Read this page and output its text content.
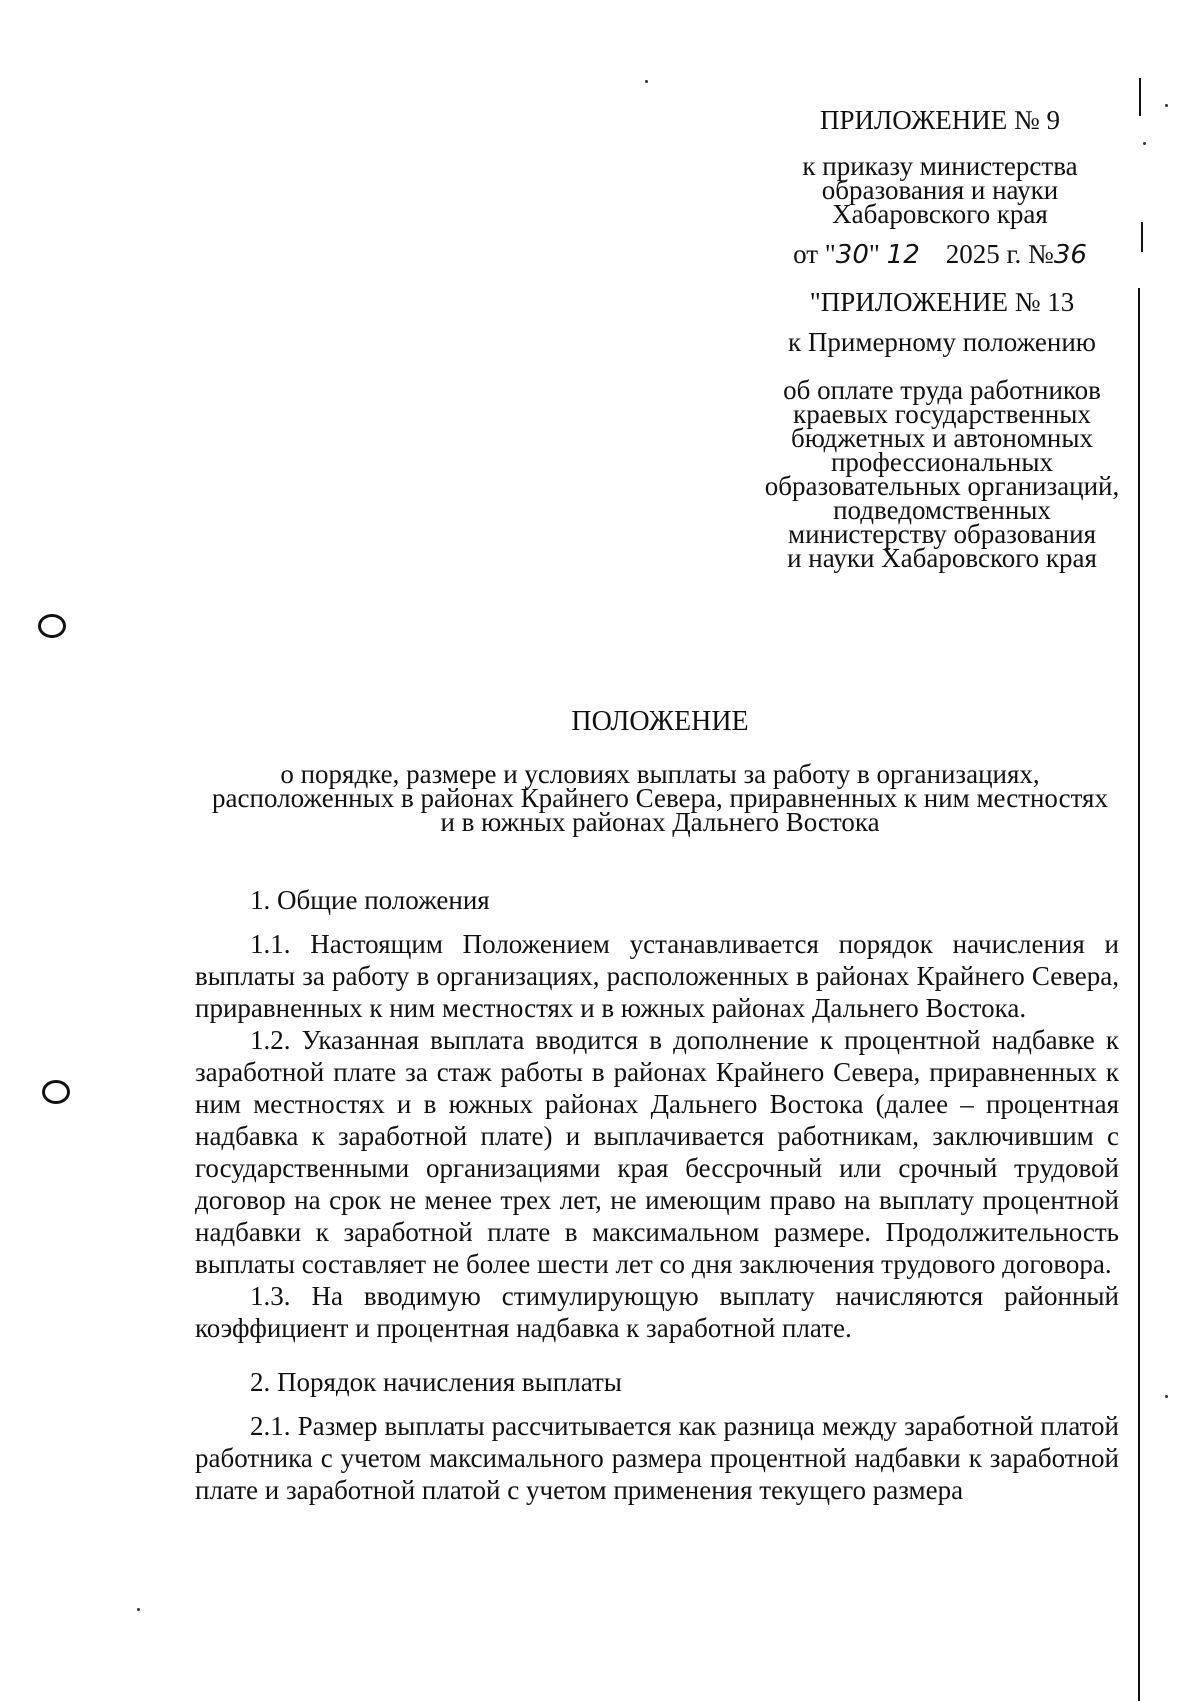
ПРИЛОЖЕНИЕ № 9
к приказу министерства
образования и науки
Хабаровского края
от "30" 12 2025 г. №36
"ПРИЛОЖЕНИЕ № 13
к Примерному положению
об оплате труда работников
краевых государственных
бюджетных и автономных
профессиональных
образовательных организаций,
подведомственных
министерству образования
и науки Хабаровского края
ПОЛОЖЕНИЕ
о порядке, размере и условиях выплаты за работу в организациях,
расположенных в районах Крайнего Севера, приравненных к ним местностях
и в южных районах Дальнего Востока
1. Общие положения

1.1. Настоящим Положением устанавливается порядок начисления и выплаты за работу в организациях, расположенных в районах Крайнего Севера, приравненных к ним местностях и в южных районах Дальнего Востока.

1.2. Указанная выплата вводится в дополнение к процентной надбавке к заработной плате за стаж работы в районах Крайнего Севера, приравненных к ним местностях и в южных районах Дальнего Востока (далее – процентная надбавка к заработной плате) и выплачивается работникам, заключившим с государственными организациями края бессрочный или срочный трудовой договор на срок не менее трех лет, не имеющим право на выплату процентной надбавки к заработной плате в максимальном размере. Продолжительность выплаты составляет не более шести лет со дня заключения трудового договора.

1.3. На вводимую стимулирующую выплату начисляются районный коэффициент и процентная надбавка к заработной плате.

2. Порядок начисления выплаты

2.1. Размер выплаты рассчитывается как разница между заработной платой работника с учетом максимального размера процентной надбавки к заработной плате и заработной платой с учетом применения текущего размера
